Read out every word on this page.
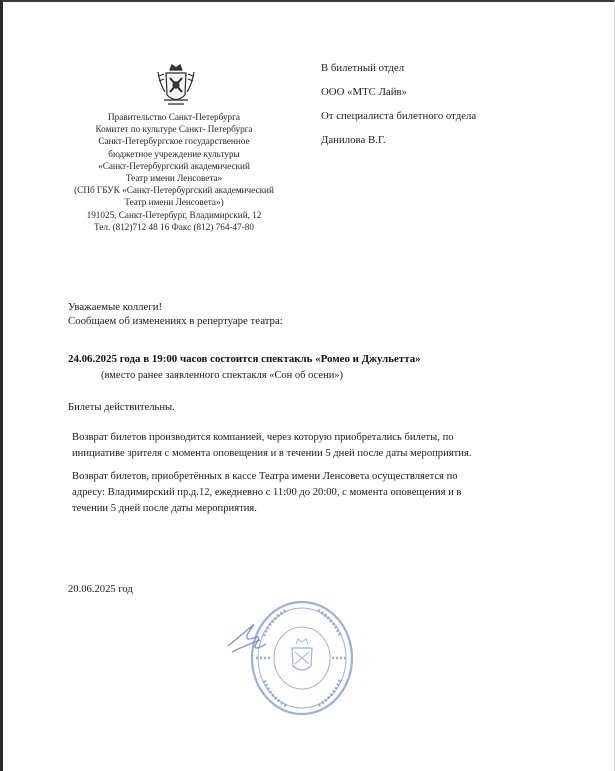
Правительство Санкт-Петербурга
Комитет по культуре Санкт- Петербурга
Санкт-Петербургское государственное
бюджетное учреждение культуры
«Санкт-Петербургский академический
Театр имени Ленсовета»
(СПб ГБУК «Санкт-Петербургский академический
Театр имени Ленсовета»)
191025, Санкт-Петербург, Владимирский, 12
Тел. (812)712 48 16 Факс (812) 764-47-80
В билетный отдел
ООО «МТС Лайв»
От специалиста билетного отдела
Данилова В.Г.
Уважаемые коллеги!
Сообщаем об изменениях в репертуаре театра:
24.06.2025 года в 19:00 часов состоится спектакль «Ромео и Джульетта»
(вместо ранее заявленного спектакля «Сон об осени»)
Билеты действительны.
Возврат билетов производится компанией, через которую приобретались билеты, по
инициативе зрителя с момента оповещения и в течении 5 дней после даты мероприятия.
Возврат билетов, приобретённых в кассе Театра имени Ленсовета осуществляется по
адресу: Владимирский пр.д.12, ежедневно с 11:00 до 20:00, с момента оповещения и в
течении 5 дней после даты мероприятия.
20.06.2025 год
